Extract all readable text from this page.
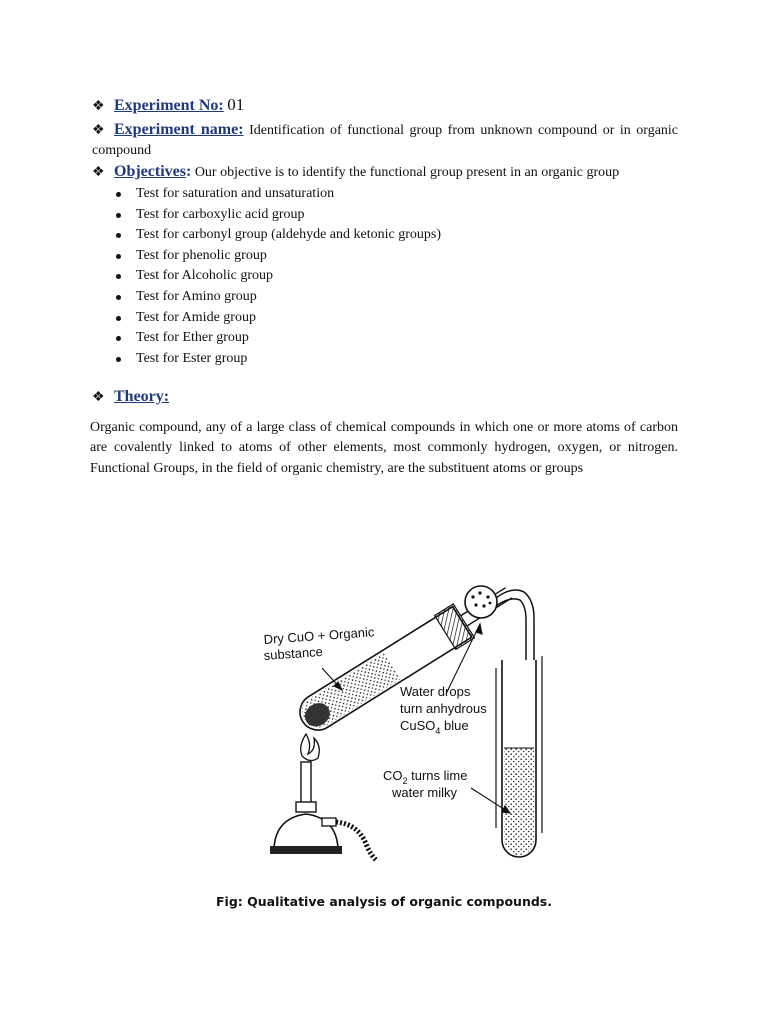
❖ Experiment No: 01
❖ Experiment name: Identification of functional group from unknown compound or in organic compound
❖ Objectives: Our objective is to identify the functional group present in an organic group
Test for saturation and unsaturation
Test for carboxylic acid group
Test for carbonyl group (aldehyde and ketonic groups)
Test for phenolic group
Test for Alcoholic group
Test for Amino group
Test for Amide group
Test for Ether group
Test for Ester group
❖ Theory:

Organic compound, any of a large class of chemical compounds in which one or more atoms of carbon are covalently linked to atoms of other elements, most commonly hydrogen, oxygen, or nitrogen. Functional Groups, in the field of organic chemistry, are the substituent atoms or groups

Dry CuO + Organic
substance
Water drops
turn anhydrous
CuSO$_4$ blue
$CO_2$ turns lime
water milky
Fig: Qualitative analysis of organic compounds.
